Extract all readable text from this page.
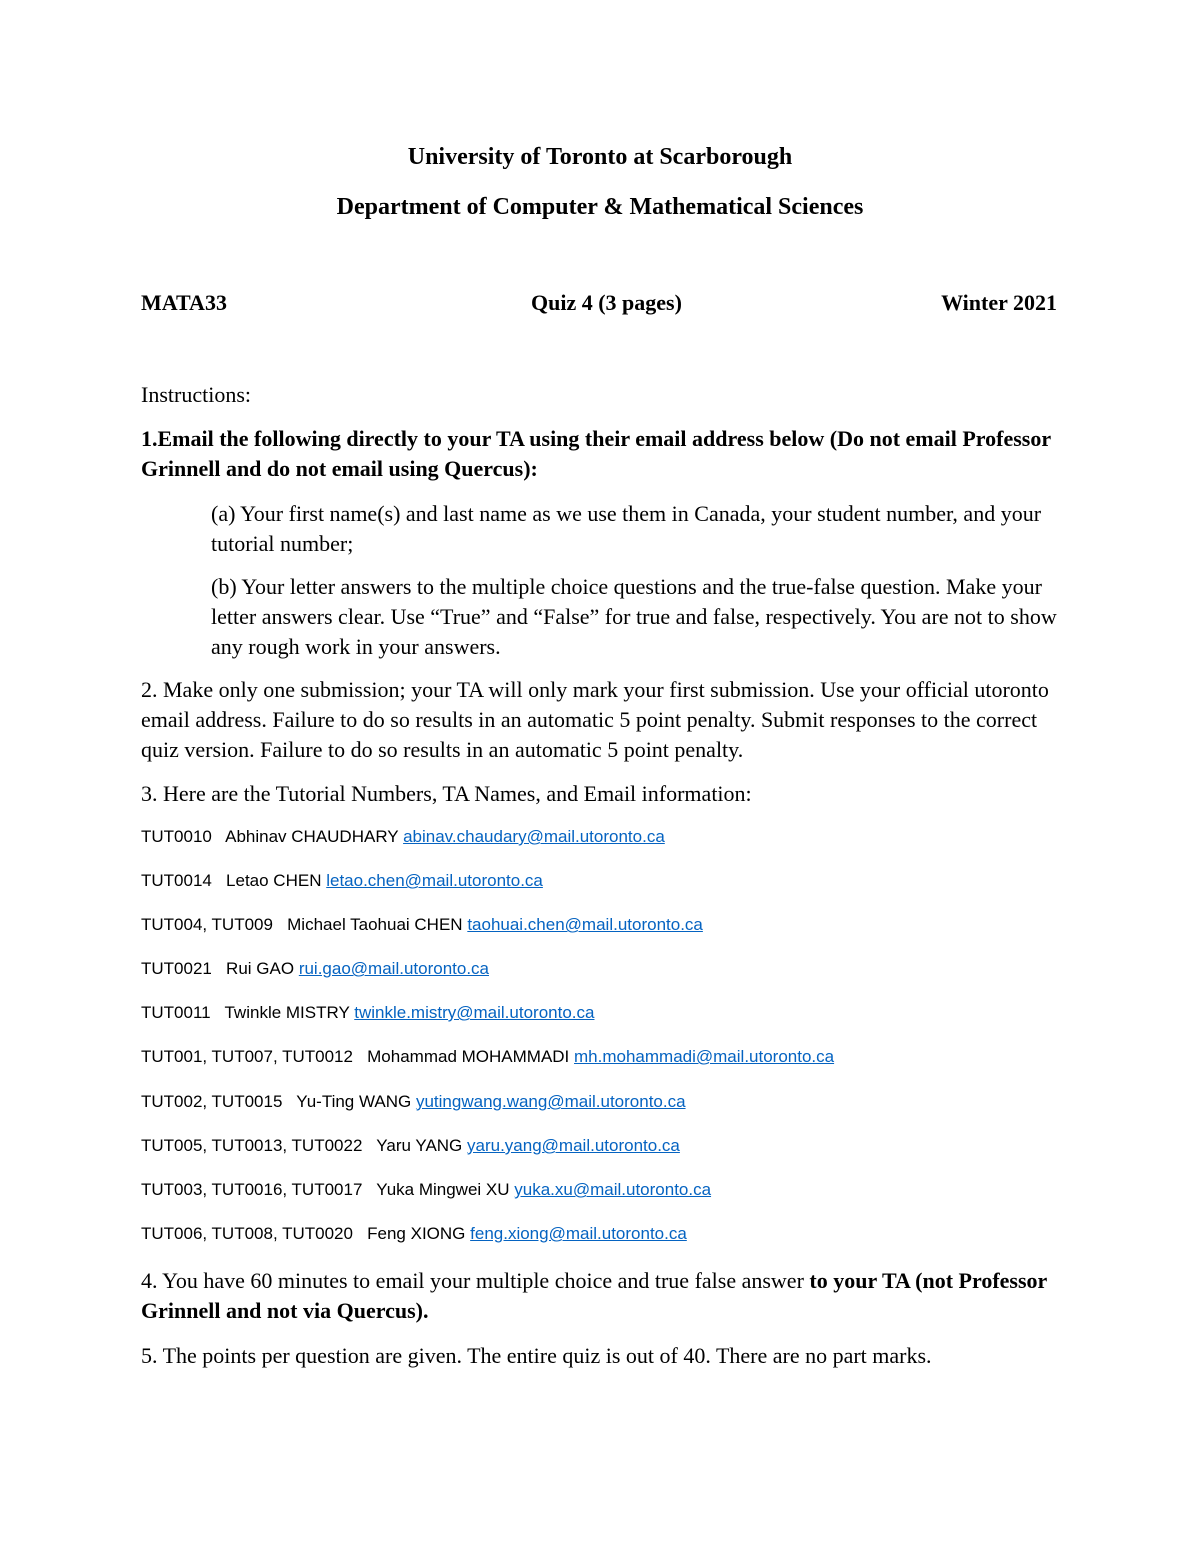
University of Toronto at Scarborough
Department of Computer & Mathematical Sciences
MATA33	Quiz 4 (3 pages)	Winter 2021
Instructions:
1.Email the following directly to your TA using their email address below (Do not email Professor Grinnell and do not email using Quercus):
(a) Your first name(s) and last name as we use them in Canada, your student number, and your tutorial number;
(b) Your letter answers to the multiple choice questions and the true-false question. Make your letter answers clear. Use “True” and “False” for true and false, respectively. You are not to show any rough work in your answers.
2. Make only one submission; your TA will only mark your first submission. Use your official utoronto email address. Failure to do so results in an automatic 5 point penalty. Submit responses to the correct quiz version. Failure to do so results in an automatic 5 point penalty.
3. Here are the Tutorial Numbers, TA Names, and Email information:
TUT0010 Abhinav CHAUDHARY abinav.chaudary@mail.utoronto.ca
TUT0014 Letao CHEN letao.chen@mail.utoronto.ca
TUT004, TUT009 Michael Taohuai CHEN taohuai.chen@mail.utoronto.ca
TUT0021 Rui GAO rui.gao@mail.utoronto.ca
TUT0011 Twinkle MISTRY twinkle.mistry@mail.utoronto.ca
TUT001, TUT007, TUT0012 Mohammad MOHAMMADI mh.mohammadi@mail.utoronto.ca
TUT002, TUT0015 Yu-Ting WANG yutingwang.wang@mail.utoronto.ca
TUT005, TUT0013, TUT0022 Yaru YANG yaru.yang@mail.utoronto.ca
TUT003, TUT0016, TUT0017 Yuka Mingwei XU yuka.xu@mail.utoronto.ca
TUT006, TUT008, TUT0020 Feng XIONG feng.xiong@mail.utoronto.ca
4. You have 60 minutes to email your multiple choice and true false answer to your TA (not Professor Grinnell and not via Quercus).
5. The points per question are given. The entire quiz is out of 40. There are no part marks.
